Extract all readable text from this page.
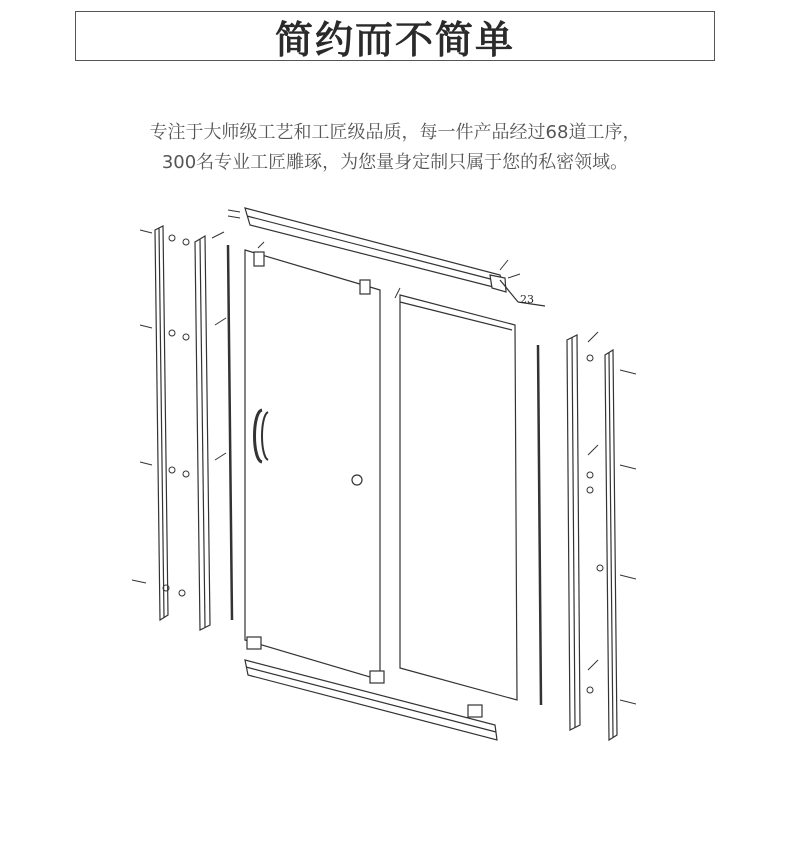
简约而不简单
专注于大师级工艺和工匠级品质，每一件产品经过68道工序，
300名专业工匠雕琢，为您量身定制只属于您的私密领域。
23
